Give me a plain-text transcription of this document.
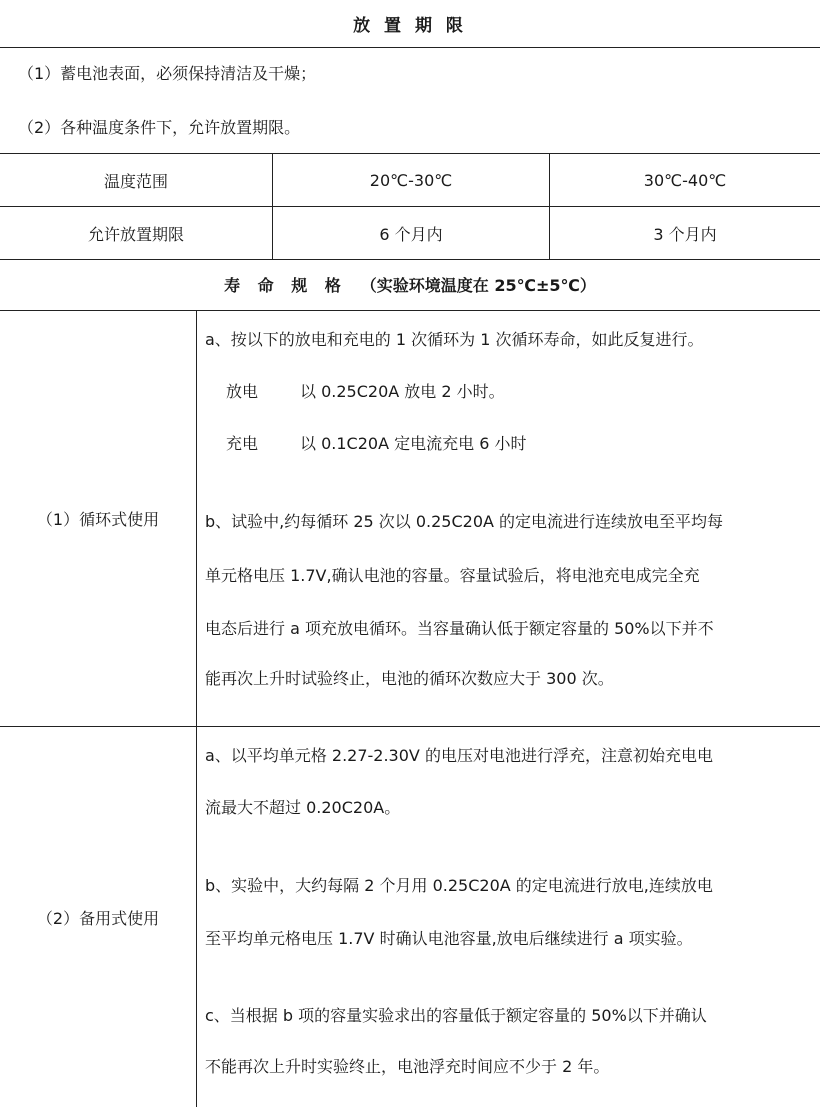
放 置 期 限
（1）蓄电池表面，必须保持清洁及干燥；
（2）各种温度条件下，允许放置期限。
温度范围	20℃-30℃	30℃-40℃
允许放置期限	6 个月内	3 个月内
寿 命 规 格 （实验环境温度在 25℃±5℃）
（1）循环式使用
a、按以下的放电和充电的 1 次循环为 1 次循环寿命，如此反复进行。
放电	以 0.25C20A 放电 2 小时。
充电	以 0.1C20A 定电流充电 6 小时
b、试验中,约每循环 25 次以 0.25C20A 的定电流进行连续放电至平均每
单元格电压 1.7V,确认电池的容量。容量试验后，将电池充电成完全充
电态后进行 a 项充放电循环。当容量确认低于额定容量的 50%以下并不
能再次上升时试验终止，电池的循环次数应大于 300 次。
（2）备用式使用
a、以平均单元格 2.27-2.30V 的电压对电池进行浮充，注意初始充电电
流最大不超过 0.20C20A。
b、实验中，大约每隔 2 个月用 0.25C20A 的定电流进行放电,连续放电
至平均单元格电压 1.7V 时确认电池容量,放电后继续进行 a 项实验。
c、当根据 b 项的容量实验求出的容量低于额定容量的 50%以下并确认
不能再次上升时实验终止，电池浮充时间应不少于 2 年。
